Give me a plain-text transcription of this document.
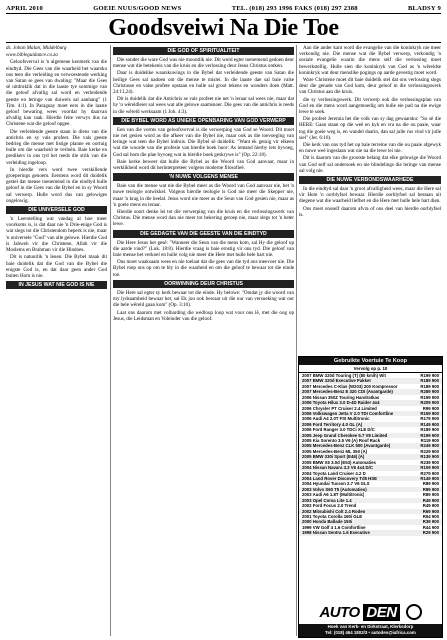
APRIL 2010	GOEIE NUUS/GOOD NEWS	TEL. (018) 293 1996 FAKS (018) 297 2388	BLADSY 9
Goodsveiwi Na Die Toe

ds. Johan Malan, Middelburg

www.bibleguidance.co.za

Geloofsverval is 'n algemene kenmerk van die eindtyd. Die Gees van die waarheid het waarsku ons teen die verleiding en verwoestende werking van Satan se gees van dwaling: "Maar die Gees sê uitdruklik dat in die laaste tye sommige van die geloof afvallig sal word en verleidende geeste en leringe van duiwels sal aanhang" (1 Tim. 4:1). In Paraguay moet eers in die laaste geloof bewaring wees voordat hy daarvan afvallig kan raak. Hierdie feite verwys dus na Christene wat die geloof opgee.

Die verleidende geeste staan in diens van die antichris en sy vals profeet. Die vals geeste bedrieg die mense met listige planne en oortuig hulle om die waarheid te verloën. Baie kerke en predikers in ons tyd het reeds die strik van die verleiding ingeloop.

In hierdie vers word twee verskillende groeperings genoem. Eerstens word dit duidelik gestel dat mense toenemend in die eindtyd hulle geloof in die Gees van die Bybel en in sy Woord sal verwerp. Hulle word dus van gelowiges ongelowig.

DIE UNIVERSELE GOD

'n Leerstelling wat vandag al hoe meer voorkoms is, is dat daar nie 'n Drie-enige God is wat slegs tot die Christendom beperk is nie, maar 'n universele "God" van alle gelowe. Hierdie God is Jahweh vir die Christene, Allah vir die Moslems en Brahman vir die Hindoes.

Dit is natuurlik 'n leuen. Die Bybel maak dit baie duidelik dat die God van die Bybel die enigste God is, en dat daar geen ander God buiten Hom is nie.

IN JESUS WAT NIE GOD IS NIE
DIE GOD OF SPIRITUALITEIT

Die sonder die ware God was nie moontlik nie. Dit word egter toenemend gedoen deur mense wat die betekenis van die kruis en die verlossing deur Jesus Christus ontken.

Daar is duidelike waarskuwings in die Bybel dat verleidende geeste van Satan die heilige Gees sal nadoen om die mense te mislei. In die laaste dae sal baie valse Christusse en valse profete opstaan en hulle sal groot tekens en wonders doen (Matt. 24:11,24).

Dit is duidelik dat die Antichris se vals profeet nie net 'n leraar sal wees nie, maar dat hy 'n wêreldleier sal wees wat alle gelowe saamsnoer. Die gees van die antichris is reeds in die wêreld werksaam (1 Joh. 4:3).

DIE BYBEL WORD AS UNIEKE OPENBARING VAN GOD VERWERP

Een van die vorms van geloofsverval is die verwerping van God se Woord. Dit moet nie net gesien word as die afkeer van die Bybel nie, maar ook as die toevoeging van leringe wat teen die Bybel indruis. Die Bybel sê duidelik: "Want ek getuig vir elkeen wat die woorde van die profesie van hierdie boek hoor: As iemand hierby iets byvoeg, God sal hom die plae byvoeg wat in hierdie boek geskrywe is" (Op. 22:18).

Baie kerke beweer dat hulle die Bybel as die Woord van God aanvaar, maar in werklikheid word dit herinterpreteer volgens moderne filosofieë.

'N NUWE VOLGENS MENSE

Baie van die mense wat nie die Bybel meer as die Woord van God aanvaar nie, het 'n nuwe teologie ontwikkel. Volgens hierdie teologie is God nie meer die Skepper nie, maar 'n krag in die heelal. Jesus word nie meer as die Seun van God gesien nie, maar as 'n goeie mens en leraar.

Hierdie soort denke lei tot die verwerping van die kruis en die verlossingswerk van Christus. Die mense word dan nie meer tot bekering geroep nie, maar slegs tot 'n beter lewe.

DIE GEDAGTE VAN DIE GEESTE VAN DIE EINDTYD

Die Here Jesus het gesê: "Wanneer die Seun van die mens kom, sal Hy die geloof op die aarde vind?" (Luk. 18:8). Hierdie vraag is baie ernstig vir ons tyd. Die geloof van baie mense het verkoel en hulle volg nie meer die Here met hulle hele hart nie.

Ons moet waaksaam wees en nie toelaat dat die gees van die tyd ons meevoer nie. Die Bybel roep ons op om te bly in die waarheid en om die geloof te bewaar tot die einde toe.

OORWINNING DEUR CHRISTUS

Die Here sal egter sy kerk bewaar tot die einde. Hy belowe: "Omdat jy die woord van my lydsaamheid bewaar het, sal Ek jou ook bewaar uit die uur van versoeking wat oor die hele wêreld gaan kom" (Op. 3:10).

Laat ons daarom met volharding die wedloop loop wat voor ons lê, met die oog op Jesus, die Leidsman en Voleinder van die geloof.

Aan die ander kant word die evangelie van die koninkryk nie meer verkondig nie. Die mense wat die Bybel verwerp, verkondig 'n sosiale evangelie waarin die mens self die verlossing moet bewerkstellig. Hulle sien die koninkryk van God as 'n wêreldse koninkryk wat deur menslike pogings op aarde gevestig moet word.

Ware Christene moet dit baie duidelik stel dat ons verlossing slegs deur die genade van God kom, deur geloof in die verlossingswerk van Christus aan die kruis.

die sy verlossingswerk. Dit verwerp ook die verlossingsplan van God en die mens word aangemoedig om hulle eie pad na die ewige lewe te soek.

Die profeet Jeremia het die volk van sy dag gewaarsku: "So sê die HERE: Gaan staan op die weë en kyk en vra na die ou paaie, waar tog die goeie weg is, en wandel daarin, dan sal julle rus vind vir julle siel" (Jer. 6:16).

Die kerk van ons tyd het op baie terreine van die ou paaie afgewyk en nuwe weë ingeslaan wat nie na die lewe lei nie.

Dit is daarom van die grootste belang dat elke gelowige die Woord van God self sal ondersoek en nie blindelings die leringe van mense sal volg nie.

DIE NUWE VERBONDSWAARHEDE

In die eindtyd sal daar 'n groot afvalligheid wees, maar die Here sal vir Hom 'n oorblyfsel bewaar. Hierdie oorblyfsel sal bestaan uit diegene wat die waarheid liefhet en die Here met hulle hele hart dien.

Ons moet onsself daarom afvra of ons deel van hierdie oorblyfsel is.

Gebruikte Voertuie Te Koop
Vervolg op p. 10
2007 BMW 320d Touring (T) (80 km/h) Wit	R199 900
2007 BMW 320d Executive Pakket	R189 900
2007 Mercedes C-Klas (W203) 200 Kompressor	R189 900
2007 Mercedes-Benz E 320 CDI (Avantgarde)	R289 900
2006 Nissan 350Z Touring Handratkas	R199 900
2006 Toyota Hilux 3.0 D-4D Raider 4x4	R209 900
2006 Chrysler PT Cruiser 2.4 Limited	R99 900
2006 Volkswagen Jetta V 2.0 TDI Comfortline	R159 900
2006 Audi A4 2.0T FSI Multitronic	R179 900
2006 Ford Territory 4.0 GL (A)	R149 900
2006 Ford Ranger 3.0 TDCi XLE D/C	R189 900
2005 Jeep Grand Cherokee 5.7 V8 Limited	R199 900
2005 Kia Sorento 3.5 V6 (A) Roof Rack	R119 900
2005 Mercedes-Benz CLK 500 (Avantgarde)	R249 900
2005 Mercedes-Benz ML 350 (A)	R229 900
2005 BMW 330i Sport (E46) (A)	R139 900
2005 BMW X5 3.0d (E53) Automaties	R239 900
2004 Nissan Navara 3.3 V6 4x4 D/C	R109 900
2004 Toyota Land Cruiser 4.2 D	R279 900
2004 Land Rover Discovery Td5 HSE	R149 900
2004 Hyundai Tucson 2.7 V6 GLS	R89 900
2003 Volvo S60 T5 (Automaties)	R89 900
2003 Audi A6 1.8T (Multitronic)	R89 900
2003 Opel Corsa Lite 1.4	R49 900
2002 Ford Focus 2.0 Trend	R49 900
2002 Mitsubishi Colt 2.4 Rodeo	R69 900
2001 Toyota Corolla 160i GLE	R54 900
2000 Honda Ballade 150i	R39 900
1999 VW Golf 4 1.6 Comfortline	R44 900
1998 Nissan Sentra 1.6 Executive	R29 900
AUTO DEN
Hoek van Kerk- en Dirkstraat, Klerksdorp
Tel: (018) 464 1802/3 • autoden@iafrica.com
